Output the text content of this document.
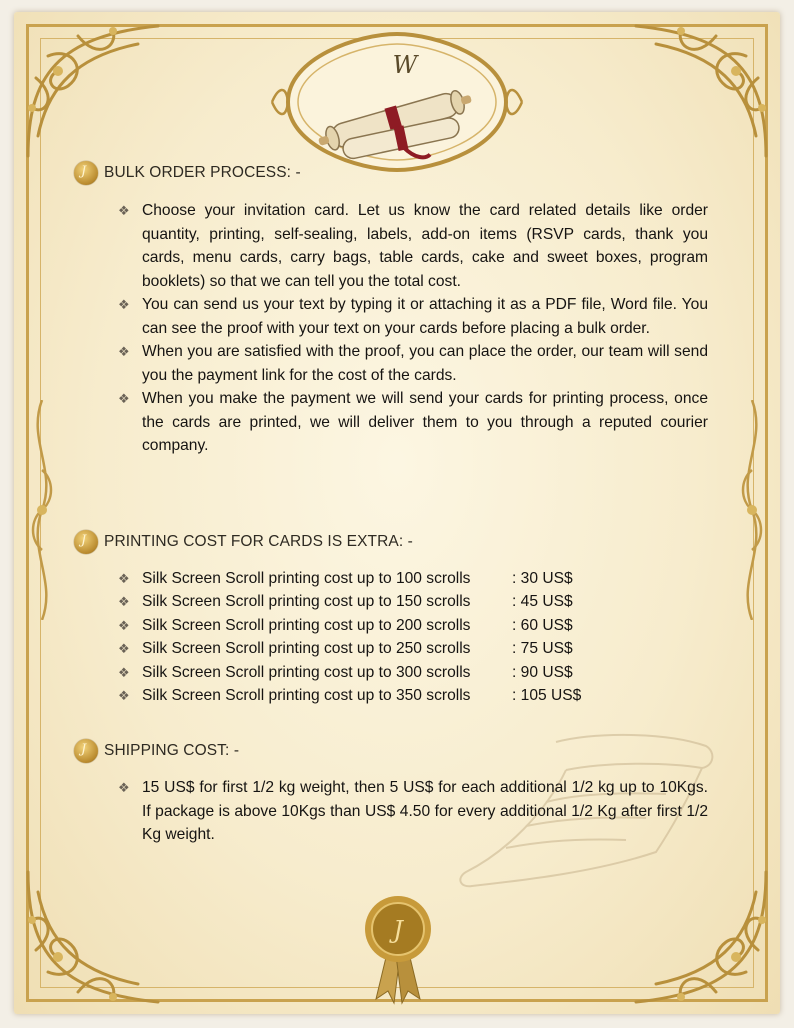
W
J
BULK ORDER PROCESS: -
❖ Choose your invitation card. Let us know the card related details like order quantity, printing, self-sealing, labels, add-on items (RSVP cards, thank you cards, menu cards, carry bags, table cards, cake and sweet boxes, program booklets) so that we can tell you the total cost.
❖ You can send us your text by typing it or attaching it as a PDF file, Word file. You can see the proof with your text on your cards before placing a bulk order.
❖ When you are satisfied with the proof, you can place the order, our team will send you the payment link for the cost of the cards.
❖ When you make the payment we will send your cards for printing process, once the cards are printed, we will deliver them to you through a reputed courier company.
J
PRINTING COST FOR CARDS IS EXTRA: -
❖ Silk Screen Scroll printing cost up to 100 scrolls	: 30 US$
❖ Silk Screen Scroll printing cost up to 150 scrolls	: 45 US$
❖ Silk Screen Scroll printing cost up to 200 scrolls	: 60 US$
❖ Silk Screen Scroll printing cost up to 250 scrolls	: 75 US$
❖ Silk Screen Scroll printing cost up to 300 scrolls	: 90 US$
❖ Silk Screen Scroll printing cost up to 350 scrolls	: 105 US$
J
SHIPPING COST: -
❖ 15 US$ for first 1/2 kg weight, then 5 US$ for each additional 1/2 kg up to 10Kgs. If package is above 10Kgs than US$ 4.50 for every additional 1/2 Kg after first 1/2 Kg weight.
J
